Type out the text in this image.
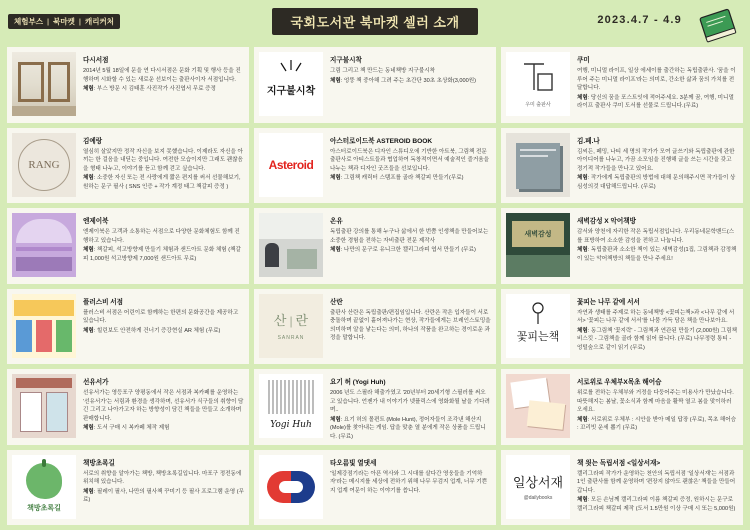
체험부스 | 북마켓 | 캐리커처	국회도서관 북마켓 셀러 소개	2023.4.7 - 4.9
다시서점
2014년 5월 18일에 문을 연 다시서점은 문화 기획 및 행사 등을 진행하며 시화할 수 있는 새로운 선보이는 출판사이자 서점입니다.
체험: 부스 방문 시 김태훈 사진작가 사진엽서 무료 증정	지구불시착
지구불시착
그림 그리고 책 만드는 동네책방 지구불시착
체험: 엉뚱 책 중아해 그려 주는 초간단 30초 초상화(3,000원)
우미 출판사
쿠미
여행, 미니멀 라이프, 일상 에세이를 출간하는 독립출판사. '꿈을 이루어 주는 미니멀 라이프'라는 의미로, 간소한 삶과 꿈의 가치를 전달합니다.
체험: 당신의 꿈을 포스트잇에 적어주세요. 3분께 꿈, 여행, 미니멀 라이프 출판사 쿠미 도서를 선물로 드립니다.(무료)
RANG
김예랑
열심히 살았지만 정작 자신을 보지 못했습니다. 이제라도 자신을 아끼는 한 걸음을 내딛는 중입니다. 여전한 모습이지만 그래도 괜찮음을 형태 나누고, 이야기를 듣고 함께 걷고 싶습니다.
체험: 소중한 자신 또는 전 사랑에게 짧은 편지를 써서 선물해보기, 원하는 문구 필사 ( SNS 인증 + 작가 계정 태그 책갈피 증정 )
Asteroid
아스터로이드북 ASTEROID BOOK
아스터로이드북은 디자인 스튜디오에 기반한 아트북, 그림책 전문 출판사로 아티스트들과 협업하여 독창적이면서 예술적인 즐거움을 나누는 책과 디자인 굿즈들을 선보입니다.
체험: 그림책 캐릭터 스탬프를 골라 책갈피 만들기(무료)
김.페.나
김씨든, 페밍, 나티 세 명의 작가가 모여 글쓰기와 독립출판에 관한 아이디어를 나누고, 가끔 소모임을 진행해 글을 쓰는 시간을 갖고 정기적 작가들을 만나고 있어요.
체험: 작가에게 독립출판의 방법에 대해 문의해주시면 작가들이 상심성의것 대답해드립니다. (무료)
엔제이북
엔제이북은 고객과 소통하는 서점으로 다양한 문화체험도 함께 진행하고 있습니다.
체험: 책갈피, 석고방향제 만들기 체험과 샌드아트 문화 체험 (책갈피 1,000원 석고방향제 7,000원 샌드아트 무료)
온유
독립출판 강의를 통해 누구나 삶에서 한 번쯤 인생책을 만들어보는 소중한 경험을 전하는 자비출판 전문 제작사
체험: 나만의 문구로 유니크한 캘리그라피 엽서 만들기 (무료)
새벽감성
새벽감성 X 악어책방
감서와 양천에 자리한 작은 독립서점입니다. 우리동네문학밴드(스를 표방하여 소소한 감성을 전하고 나눕니다.
체험: 독립출판과 소소한 책이 있는 새벽감성(1집, 그림책과 감정책이 있는 악어책방의 책들을 만나 주세요!
플러스비 서점
플러스비 서점은 어린이로 함께하는 한편의 문화공간을 제공하고 있습니다.
체험: 힐린보도 안전하게 건너기 증강현실 AR 체험 (무료)
산 | 란
SANRAN
산란
출판사 산란은 독립출판/편집임입니다. 산란은 작은 입자들이 서로 충돌하며 끝없이 흩어져나가는 현상, 작가들에게는 브레인스토밍을 의미하며 알을 낳는다는 의미, 하나의 작품을 완고하는 경이로운 과정을 말합니다.	꽃피는책
꽃피는 나무 같에 서서
자연과 생태를 주제로 하는 동네책방 <꽃피는책>과 <나무 같에 서서> '꽃피는 나무 같에 서서'를 나뭄 가득 담은 책을 만나보아요.
체험: 동그림책 '꽃지락' - 그림책과 연관된 만들기 (2,000원) 그림책 비스킷 - 그림책을 골라 함께 읽어 봅니다. (무료) 나무정령 통티 - 엉털숲으로 같이 읽기 (무료)
선유서가
선유서가는 영등포구 양평동에서 작은 서점과 복카페를 운영하는 '선유서가'는 서림과 환경을 생각하며, 선유서가 식구들의 취향이 담긴 그리고 나아가고자 하는 방향성이 담긴 책들을 만들고 소개하며 판매합니다.
체험: 도서 구매 시 복카페 체작 제험	Yogi Huh
요기 허 (Yogi Huh)
2006 년도 스필라 해출가였고 '20년부터 20세기형 스필러를 써오고 있습니다. 언젠가 내 이야기가 넷플릭스에 영화화될 날을 기다려며..
체험: 요기 허의 몰편트 (Mole Hunt), 정어자들이 조각낸 해산지(Mole)를 찾아내는 게임. 답을 맞춘 열 분에게 작은 상품을 드립니다. (무료)
서로위로 우체부X목초 해어슴
위로를 전하는 우체부와 거정을 다둥어주는 미용사가 만났습니다. 따뜻해지는 봄날, 꽃소식과 함께 마음을 활짝 열고 봄을 맞이하러 오세요.
체험: 서로위로 우체부 : 시안을 받아 메일 답장 (무료), 목초 해어슴 : 꼬리빗 운세 뽑기 (무료)
책방초록길
책방초록길
서로의 취향을 알아가는 책방, 책방초록길입니다. 마포구 정전동에 위치해 있습니다.
체험: 필레이 필사, 나만의 필사책 꾸미기 등 필사 프로그램 운영 (무료)
타오름빛 열댓세
'일제강점기라는 아픈 역사와 그 시대를 살다간 영웅들을 기억하자'라는 메시지를 세상에 전하기 위해 나무 무검지 업계, 너무 기쁜지 업계 여문이 하는 이야기를 씁니다.	일상서재
@dailybooks
책 읫는 독립서점 <일상서재>
캘리그라피 작가가 운영하는 천안의 독립서점 '일상서재'는 서점과 1인 출판사를 함께 운영하며 '편장지 않아도 괜찮은' 책들을 만들어갑니다.
체험: 모든 손님께 캘리그라피 이름 책갈피 증정, 원하시는 문구로 캘리그라피 책갈피 제작 (도서 1.5만원 이상 구매 시 또는 5,000원)
